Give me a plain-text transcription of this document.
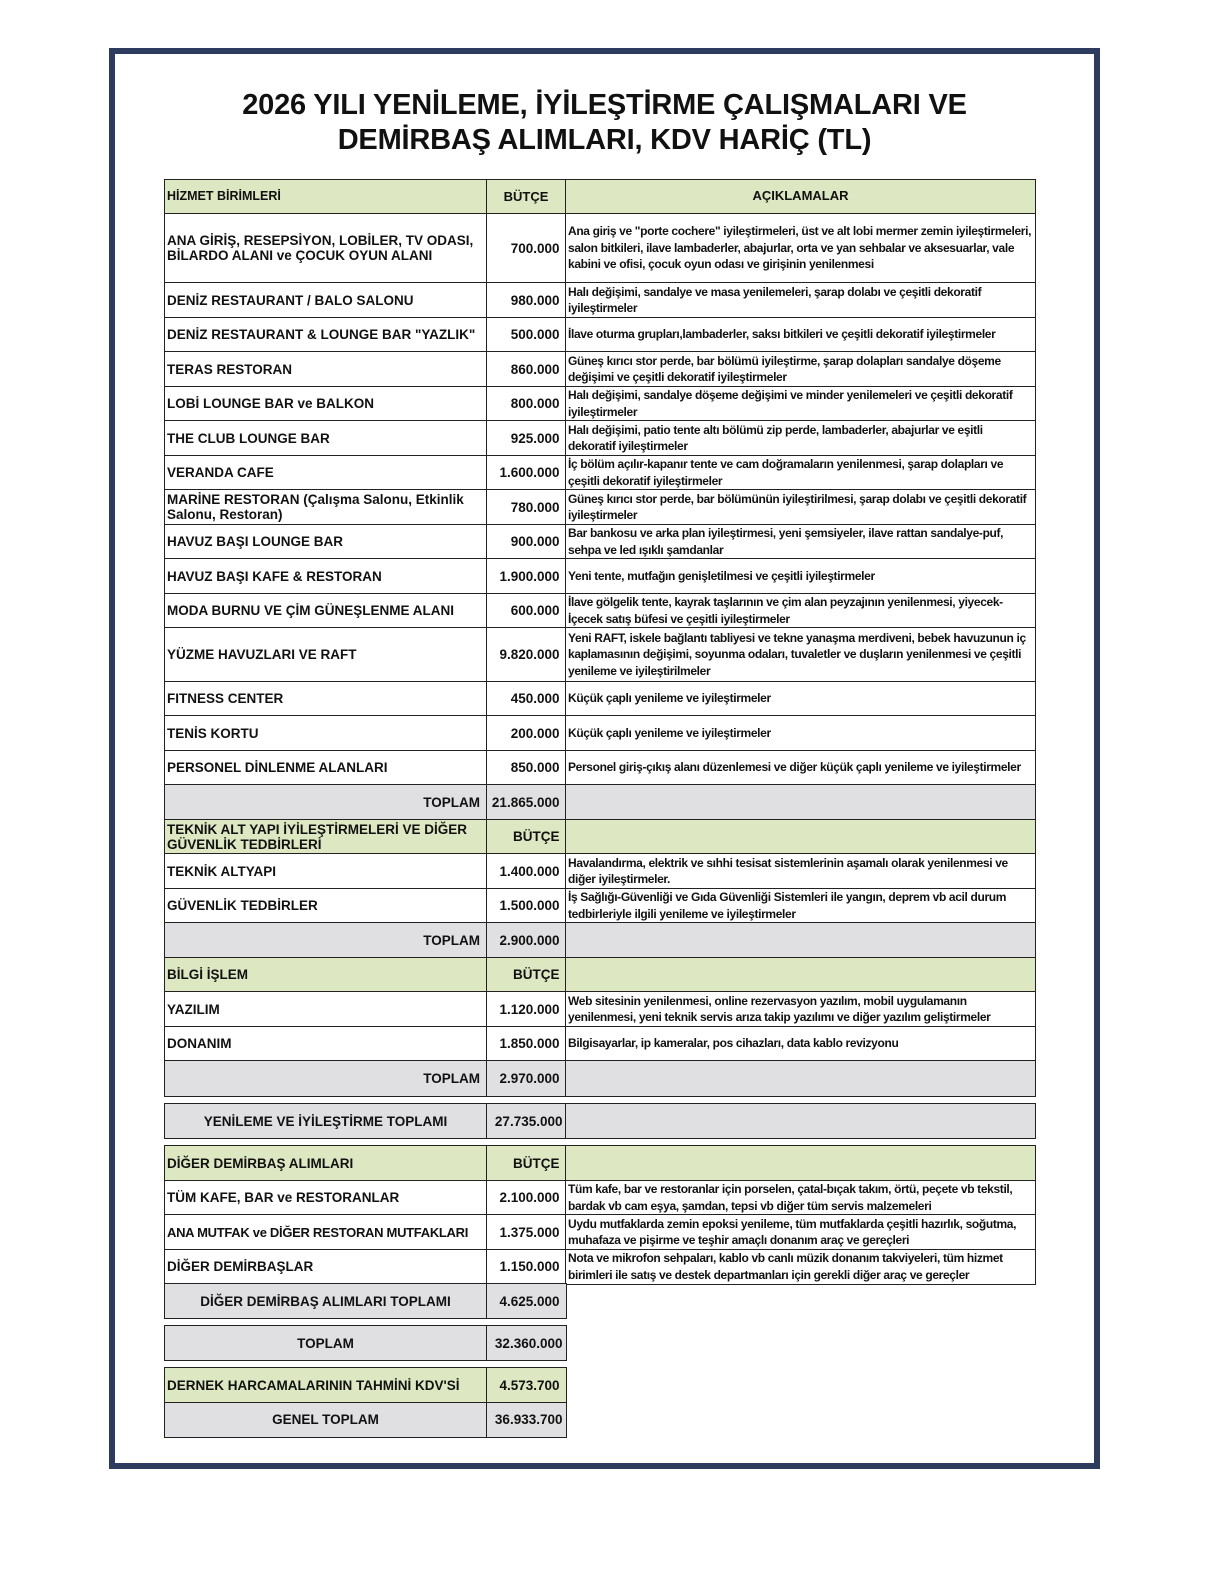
2026 YILI YENİLEME, İYİLEŞTİRME ÇALIŞMALARI VE
DEMİRBAŞ ALIMLARI, KDV HARİÇ (TL)
HİZMET BİRİMLERİ	BÜTÇE	AÇIKLAMALAR
ANA GİRİŞ, RESEPSİYON, LOBİLER, TV ODASI, BİLARDO ALANI ve ÇOCUK OYUN ALANI	700.000
Ana giriş ve "porte cochere" iyileştirmeleri, üst ve alt lobi mermer zemin iyileştirmeleri, salon bitkileri, ilave lambaderler, abajurlar, orta ve yan sehbalar ve aksesuarlar, vale kabini ve ofisi, çocuk oyun odası ve girişinin yenilenmesi
DENİZ RESTAURANT / BALO SALONU	980.000
Halı değişimi, sandalye ve masa yenilemeleri, şarap dolabı ve çeşitli dekoratif iyileştirmeler
DENİZ RESTAURANT & LOUNGE BAR "YAZLIK"	500.000 İlave oturma grupları,lambaderler, saksı bitkileri ve çeşitli dekoratif iyileştirmeler
TERAS RESTORAN	860.000
Güneş kırıcı stor perde, bar bölümü iyileştirme, şarap dolapları sandalye döşeme değişimi ve çeşitli dekoratif iyileştirmeler
LOBİ LOUNGE BAR ve BALKON	800.000
Halı değişimi, sandalye döşeme değişimi ve minder yenilemeleri ve çeşitli dekoratif iyileştirmeler
THE CLUB LOUNGE BAR	925.000
Halı değişimi, patio tente altı bölümü zip perde, lambaderler, abajurlar ve eşitli dekoratif iyileştirmeler
VERANDA CAFE	1.600.000
İç bölüm açılır-kapanır tente ve cam doğramaların yenilenmesi, şarap dolapları ve çeşitli dekoratif iyileştirmeler
MARİNE RESTORAN (Çalışma Salonu, Etkinlik Salonu, Restoran)	780.000
Güneş kırıcı stor perde, bar bölümünün iyileştirilmesi, şarap dolabı ve çeşitli dekoratif iyileştirmeler
HAVUZ BAŞI LOUNGE BAR	900.000
Bar bankosu ve arka plan iyileştirmesi, yeni şemsiyeler, ilave rattan sandalye-puf, sehpa ve led ışıklı şamdanlar
HAVUZ BAŞI KAFE & RESTORAN	1.900.000 Yeni tente, mutfağın genişletilmesi ve çeşitli iyileştirmeler
MODA BURNU VE ÇİM GÜNEŞLENME ALANI	600.000
İlave gölgelik tente, kayrak taşlarının ve çim alan peyzajının yenilenmesi, yiyecek-İçecek satış büfesi ve çeşitli iyileştirmeler
YÜZME HAVUZLARI VE RAFT	9.820.000
Yeni RAFT, iskele bağlantı tabliyesi ve tekne yanaşma merdiveni, bebek havuzunun iç kaplamasının değişimi, soyunma odaları, tuvaletler ve duşların yenilenmesi ve çeşitli yenileme ve iyileştirilmeler
FITNESS CENTER	450.000 Küçük çaplı yenileme ve iyileştirmeler
TENİS KORTU	200.000 Küçük çaplı yenileme ve iyileştirmeler
PERSONEL DİNLENME ALANLARI	850.000 Personel giriş-çıkış alanı düzenlemesi ve diğer küçük çaplı yenileme ve iyileştirmeler
TOPLAM 21.865.000
TEKNİK ALT YAPI İYİLEŞTİRMELERİ VE DİĞER GÜVENLİK TEDBİRLERİ	BÜTÇE
TEKNİK ALTYAPI	1.400.000
Havalandırma, elektrik ve sıhhi tesisat sistemlerinin aşamalı olarak yenilenmesi ve diğer iyileştirmeler.
GÜVENLİK TEDBİRLER	1.500.000
İş Sağlığı-Güvenliği ve Gıda Güvenliği Sistemleri ile yangın, deprem vb acil durum tedbirleriyle ilgili yenileme ve iyileştirmeler
TOPLAM	2.900.000
BİLGİ İŞLEM	BÜTÇE
YAZILIM	1.120.000
Web sitesinin yenilenmesi, online rezervasyon yazılım, mobil uygulamanın yenilenmesi, yeni teknik servis arıza takip yazılımı ve diğer yazılım geliştirmeler
DONANIM	1.850.000 Bilgisayarlar, ip kameralar, pos cihazları, data kablo revizyonu
TOPLAM	2.970.000
YENİLEME VE İYİLEŞTİRME TOPLAMI	27.735.000
DİĞER DEMİRBAŞ ALIMLARI	BÜTÇE
TÜM KAFE, BAR ve RESTORANLAR	2.100.000
Tüm kafe, bar ve restoranlar için porselen, çatal-bıçak takım, örtü, peçete vb tekstil, bardak vb cam eşya, şamdan, tepsi vb diğer tüm servis malzemeleri
ANA MUTFAK ve DİĞER RESTORAN MUTFAKLARI	1.375.000
Uydu mutfaklarda zemin epoksi yenileme, tüm mutfaklarda çeşitli hazırlık, soğutma, muhafaza ve pişirme ve teşhir amaçlı donanım araç ve gereçleri
DİĞER DEMİRBAŞLAR	1.150.000
Nota ve mikrofon sehpaları, kablo vb canlı müzik donanım takviyeleri, tüm hizmet birimleri ile satış ve destek departmanları için gerekli diğer araç ve gereçler
DİĞER DEMİRBAŞ ALIMLARI TOPLAMI	4.625.000
TOPLAM	32.360.000
DERNEK HARCAMALARININ TAHMİNİ KDV'Sİ	4.573.700
GENEL TOPLAM	36.933.700
